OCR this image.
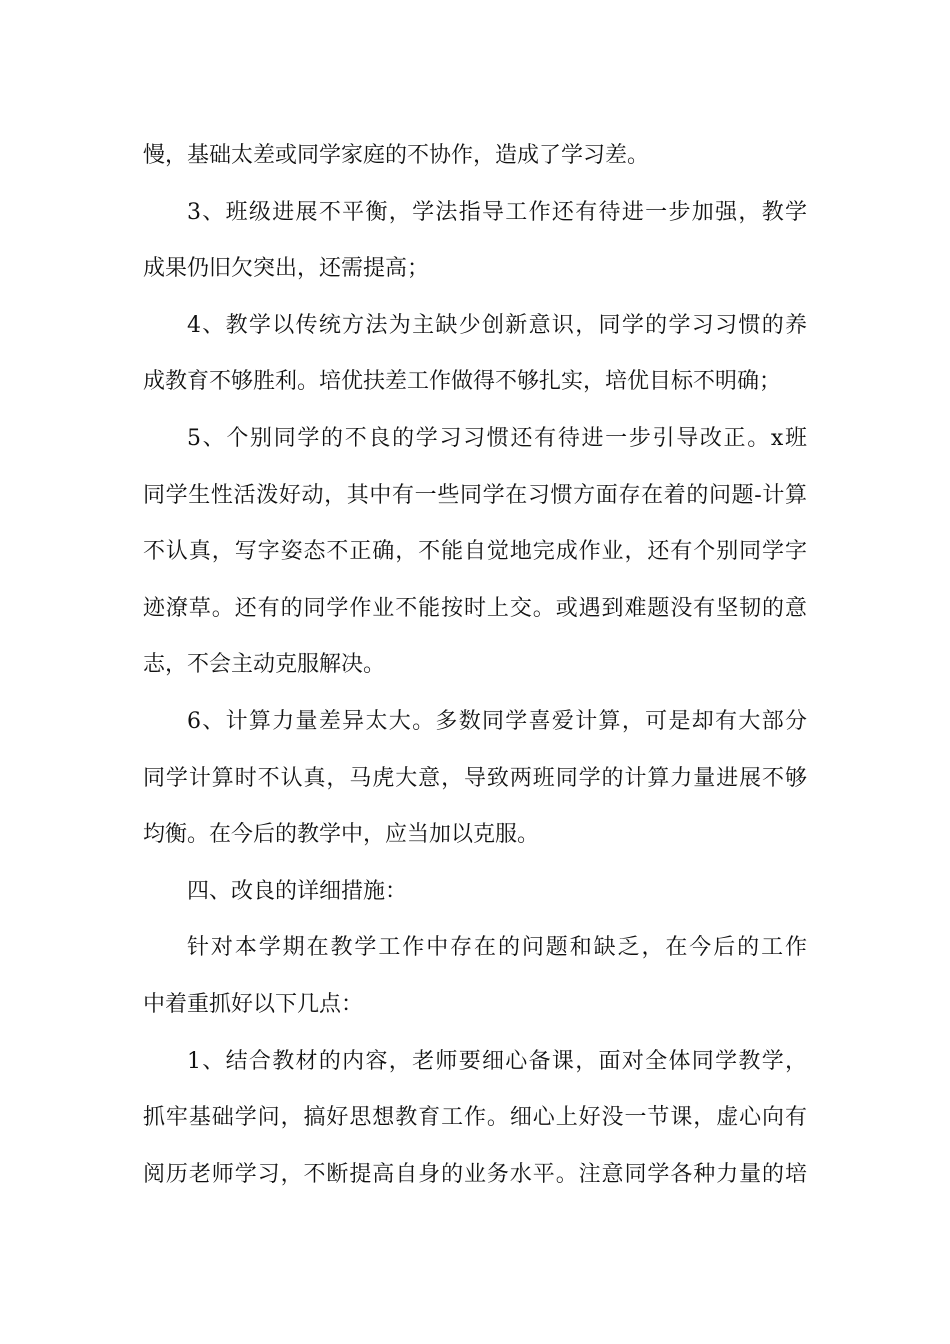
慢，基础太差或同学家庭的不协作，造成了学习差。
3、班级进展不平衡，学法指导工作还有待进一步加强，教学
成果仍旧欠突出，还需提高；
4、教学以传统方法为主缺少创新意识，同学的学习习惯的养
成教育不够胜利。培优扶差工作做得不够扎实，培优目标不明确；
5、个别同学的不良的学习习惯还有待进一步引导改正。x班
同学生性活泼好动，其中有一些同学在习惯方面存在着的问题-计算
不认真，写字姿态不正确，不能自觉地完成作业，还有个别同学字
迹潦草。还有的同学作业不能按时上交。或遇到难题没有坚韧的意
志，不会主动克服解决。
6、计算力量差异太大。多数同学喜爱计算，可是却有大部分
同学计算时不认真，马虎大意，导致两班同学的计算力量进展不够
均衡。在今后的教学中，应当加以克服。
四、改良的详细措施：
针对本学期在教学工作中存在的问题和缺乏，在今后的工作
中着重抓好以下几点：
1、结合教材的内容，老师要细心备课，面对全体同学教学，
抓牢基础学问，搞好思想教育工作。细心上好没一节课，虚心向有
阅历老师学习，不断提高自身的业务水平。注意同学各种力量的培
